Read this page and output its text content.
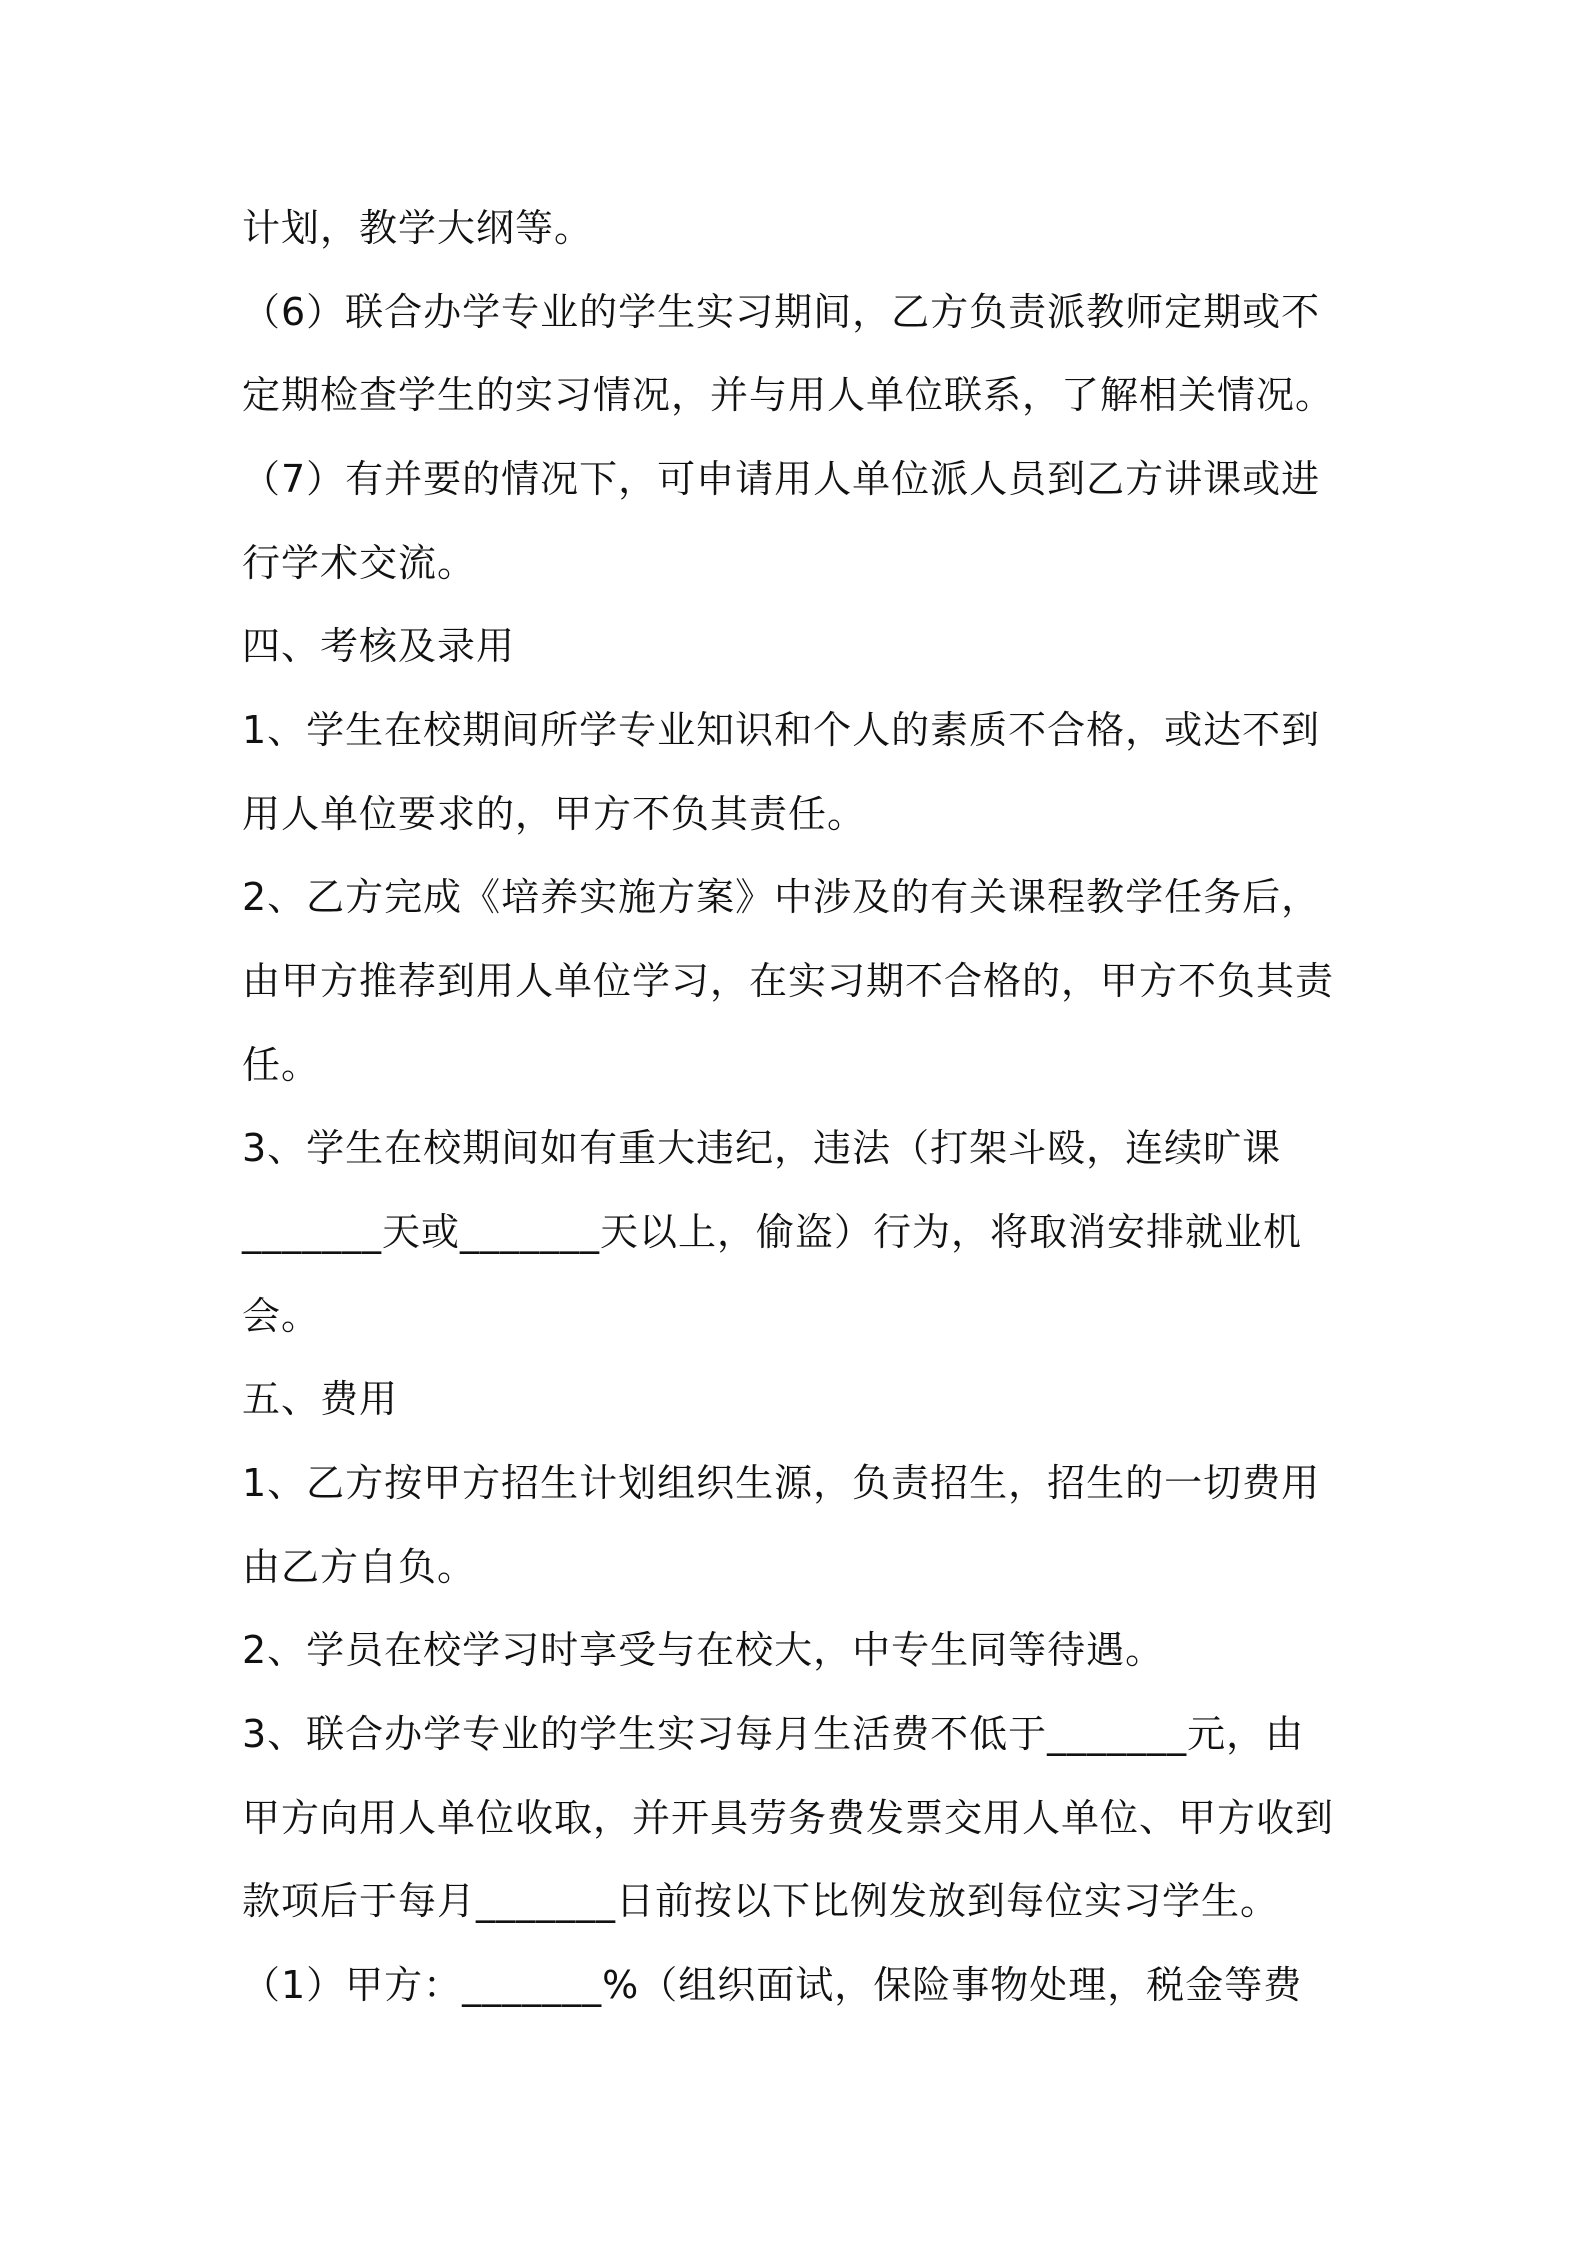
计划，教学大纲等。
（6）联合办学专业的学生实习期间，乙方负责派教师定期或不
定期检查学生的实习情况，并与用人单位联系，了解相关情况。
（7）有并要的情况下，可申请用人单位派人员到乙方讲课或进
行学术交流。
四、考核及录用
1、学生在校期间所学专业知识和个人的素质不合格，或达不到
用人单位要求的，甲方不负其责任。
2、乙方完成《培养实施方案》中涉及的有关课程教学任务后，
由甲方推荐到用人单位学习，在实习期不合格的，甲方不负其责
任。
3、学生在校期间如有重大违纪，违法（打架斗殴，连续旷课
_______天或_______天以上，偷盗）行为，将取消安排就业机
会。
五、费用
1、乙方按甲方招生计划组织生源，负责招生，招生的一切费用
由乙方自负。
2、学员在校学习时享受与在校大，中专生同等待遇。
3、联合办学专业的学生实习每月生活费不低于_______元，由
甲方向用人单位收取，并开具劳务费发票交用人单位、甲方收到
款项后于每月_______日前按以下比例发放到每位实习学生。
（1）甲方：_______%（组织面试，保险事物处理，税金等费
